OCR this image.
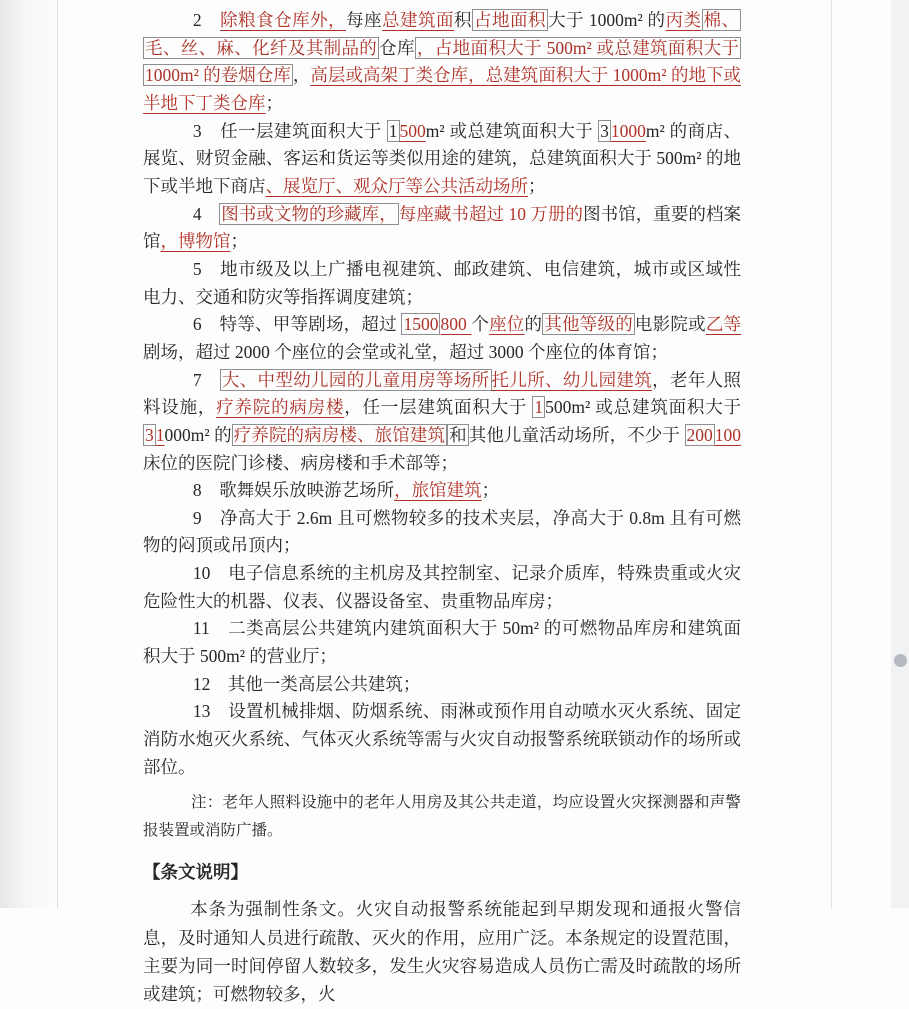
2　除粮食仓库外，每座总建筑面积 占地面积 大于 1000m² 的丙类 棉、毛、丝、麻、化纤及其制品的 仓库 ，占地面积大于 500m² 或总建筑面积大于 1000m² 的卷烟仓库 ，高层或高架丁类仓库，总建筑面积大于 1000m² 的地下或半地下丁类仓库；

3　任一层建筑面积大于 1 500m² 或总建筑面积大于 3 1000m² 的商店、展览、财贸金融、客运和货运等类似用途的建筑，总建筑面积大于 500m² 的地下或半地下商店、展览厅、观众厅等公共活动场所；

4　图书或文物的珍藏库， 每座藏书超过 10 万册的图书馆，重要的档案馆，博物馆；

5　地市级及以上广播电视建筑、邮政建筑、电信建筑，城市或区域性电力、交通和防灾等指挥调度建筑；

6　特等、甲等剧场，超过 1500 800 个座位的 其他等级的 电影院或乙等剧场，超过 2000 个座位的会堂或礼堂，超过 3000 个座位的体育馆；

7　大、中型幼儿园的儿童用房等场所 托儿所、幼儿园建筑，老年人照料设施，疗养院的病房楼，任一层建筑面积大于 1 500m² 或总建筑面积大于 3 1000m² 的 疗养院的病房楼、旅馆建筑 和 其他儿童活动场所，不少于 200 100 床位的医院门诊楼、病房楼和手术部等；

8　歌舞娱乐放映游艺场所，旅馆建筑；

9　净高大于 2.6m 且可燃物较多的技术夹层，净高大于 0.8m 且有可燃物的闷顶或吊顶内；

10　电子信息系统的主机房及其控制室、记录介质库，特殊贵重或火灾危险性大的机器、仪表、仪器设备室、贵重物品库房；

11　二类高层公共建筑内建筑面积大于 50m² 的可燃物品库房和建筑面积大于 500m² 的营业厅；

12　其他一类高层公共建筑；

13　设置机械排烟、防烟系统、雨淋或预作用自动喷水灭火系统、固定消防水炮灭火系统、气体灭火系统等需与火灾自动报警系统联锁动作的场所或部位。

注：老年人照料设施中的老年人用房及其公共走道，均应设置火灾探测器和声警报装置或消防广播。

【条文说明】

本条为强制性条文。火灾自动报警系统能起到早期发现和通报火警信息，及时通知人员进行疏散、灭火的作用，应用广泛。本条规定的设置范围，主要为同一时间停留人数较多，发生火灾容易造成人员伤亡需及时疏散的场所或建筑；可燃物较多，火
